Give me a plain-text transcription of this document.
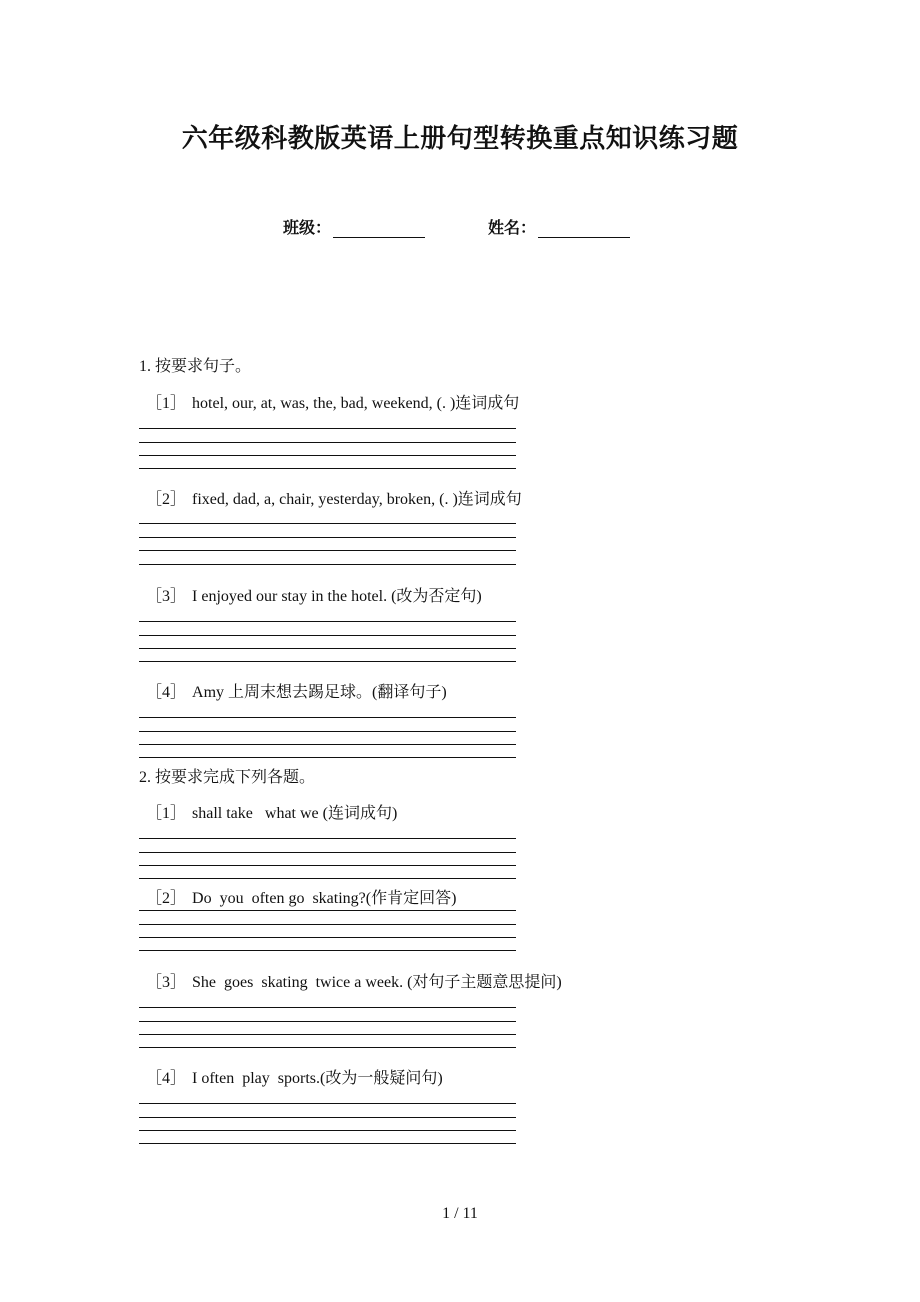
六年级科教版英语上册句型转换重点知识练习题
班级：	姓名：
1. 按要求句子。
［1］ hotel, our, at, was, the, bad, weekend, (. )连词成句
［2］ fixed, dad, a, chair, yesterday, broken, (. )连词成句
［3］ I enjoyed our stay in the hotel. (改为否定句)
［4］ Amy 上周末想去踢足球。(翻译句子)
2. 按要求完成下列各题。
［1］ shall take   what we (连词成句)
［2］ Do  you  often go  skating?(作肯定回答)
［3］ She  goes  skating  twice a week. (对句子主题意思提问)
［4］ I often  play  sports.(改为一般疑问句)
1 / 11
